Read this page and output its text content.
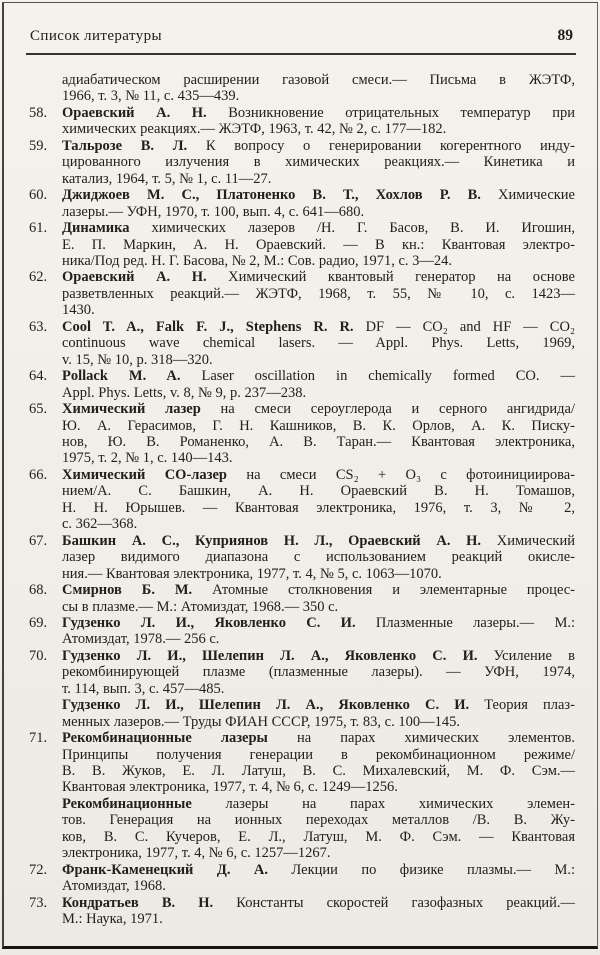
Список литературы	89
адиабатическом расширении газовой смеси.— Письма в ЖЭТФ,
1966, т. 3, № 11, с. 435—439.
58.	Ораевский А. Н. Возникновение отрицательных температур при
химических реакциях.— ЖЭТФ, 1963, т. 42, № 2, с. 177—182.
59.	Тальрозе В. Л. К вопросу о генерировании когерентного инду-
цированного излучения в химических реакциях.— Кинетика и
катализ, 1964, т. 5, № 1, с. 11—27.
60.	Джиджоев М. С., Платоненко В. Т., Хохлов Р. В. Химические
лазеры.— УФН, 1970, т. 100, вып. 4, с. 641—680.
61.	Динамика химических лазеров /Н. Г. Басов, В. И. Игошин,
Е. П. Маркин, А. Н. Ораевский. — В кн.: Квантовая электро-
ника/Под ред. Н. Г. Басова, № 2, М.: Сов. радио, 1971, с. 3—24.
62.	Ораевский А. Н. Химический квантовый генератор на основе
разветвленных реакций.— ЖЭТФ, 1968, т. 55, № 10, с. 1423—
1430.
63.	Cool T. A., Falk F. J., Stephens R. R. DF — CO₂ and HF — CO₂
continuous wave chemical lasers. — Appl. Phys. Letts, 1969,
v. 15, № 10, p. 318—320.
64.	Pollack M. A. Laser oscillation in chemically formed CO. —
Appl. Phys. Letts, v. 8, № 9, p. 237—238.
65.	Химический лазер на смеси сероуглерода и серного ангидрида/
Ю. А. Герасимов, Г. Н. Кашников, В. К. Орлов, А. К. Писку-
нов, Ю. В. Романенко, А. В. Таран.— Квантовая электроника,
1975, т. 2, № 1, с. 140—143.
66.	Химический СО-лазер на смеси CS₂ + O₃ с фотоинициирова-
нием/А. С. Башкин, А. Н. Ораевский В. Н. Томашов,
Н. Н. Юрышев. — Квантовая электроника, 1976, т. 3, № 2,
с. 362—368.
67.	Башкин А. С., Куприянов Н. Л., Ораевский А. Н. Химический
лазер видимого диапазона с использованием реакций окисле-
ния.— Квантовая электроника, 1977, т. 4, № 5, с. 1063—1070.
68.	Смирнов Б. М. Атомные столкновения и элементарные процес-
сы в плазме.— М.: Атомиздат, 1968.— 350 с.
69.	Гудзенко Л. И., Яковленко С. И. Плазменные лазеры.— М.:
Атомиздат, 1978.— 256 с.
70.	Гудзенко Л. И., Шелепин Л. А., Яковленко С. И. Усиление в
рекомбинирующей плазме (плазменные лазеры). — УФН, 1974,
т. 114, вып. 3, с. 457—485.
Гудзенко Л. И., Шелепин Л. А., Яковленко С. И. Теория плаз-
менных лазеров.— Труды ФИАН СССР, 1975, т. 83, с. 100—145.
71.	Рекомбинационные лазеры на парах химических элементов.
Принципы получения генерации в рекомбинационном режиме/
В. В. Жуков, Е. Л. Латуш, В. С. Михалевский, М. Ф. Сэм.—
Квантовая электроника, 1977, т. 4, № 6, с. 1249—1256.
Рекомбинационные лазеры на парах химических элемен-
тов. Генерация на ионных переходах металлов /В. В. Жу-
ков, В. С. Кучеров, Е. Л., Латуш, М. Ф. Сэм. — Квантовая
электроника, 1977, т. 4, № 6, с. 1257—1267.
72.	Франк-Каменецкий Д. А. Лекции по физике плазмы.— М.:
Атомиздат, 1968.
73.	Кондратьев В. Н. Константы скоростей газофазных реакций.—
М.: Наука, 1971.
